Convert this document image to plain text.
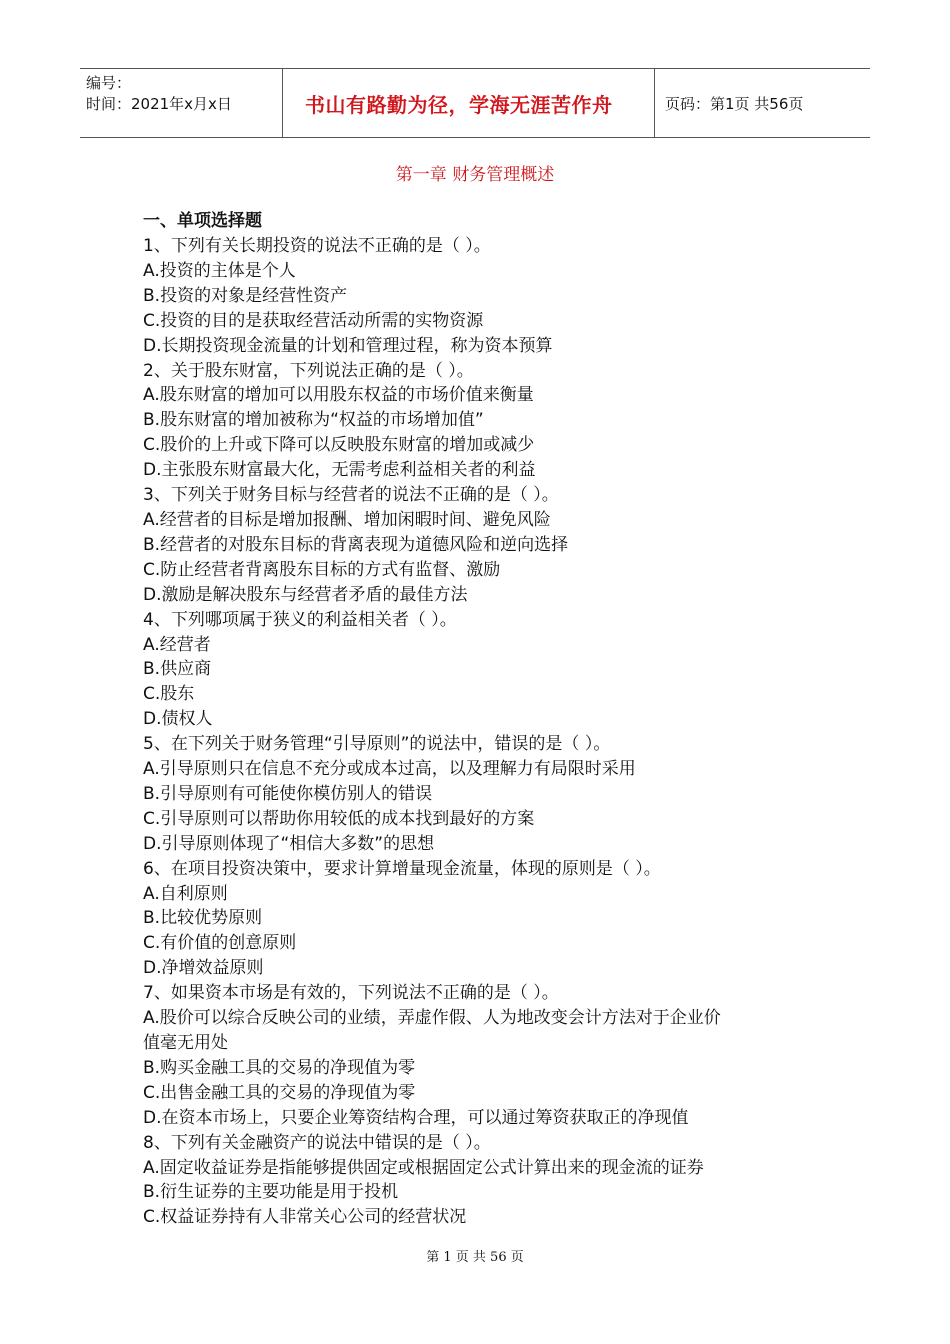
编号：
时间：2021年x月x日	书山有路勤为径，学海无涯苦作舟	页码：第1页 共56页
第一章 财务管理概述
一、单项选择题
1、下列有关长期投资的说法不正确的是（ ）。
A.投资的主体是个人
B.投资的对象是经营性资产
C.投资的目的是获取经营活动所需的实物资源
D.长期投资现金流量的计划和管理过程，称为资本预算
2、关于股东财富，下列说法正确的是（ ）。
A.股东财富的增加可以用股东权益的市场价值来衡量
B.股东财富的增加被称为“权益的市场增加值”
C.股价的上升或下降可以反映股东财富的增加或减少
D.主张股东财富最大化，无需考虑利益相关者的利益
3、下列关于财务目标与经营者的说法不正确的是（ ）。
A.经营者的目标是增加报酬、增加闲暇时间、避免风险
B.经营者的对股东目标的背离表现为道德风险和逆向选择
C.防止经营者背离股东目标的方式有监督、激励
D.激励是解决股东与经营者矛盾的最佳方法
4、下列哪项属于狭义的利益相关者（ ）。
A.经营者
B.供应商
C.股东
D.债权人
5、在下列关于财务管理“引导原则”的说法中，错误的是（ ）。
A.引导原则只在信息不充分或成本过高，以及理解力有局限时采用
B.引导原则有可能使你模仿别人的错误
C.引导原则可以帮助你用较低的成本找到最好的方案
D.引导原则体现了“相信大多数”的思想
6、在项目投资决策中，要求计算增量现金流量，体现的原则是（ ）。
A.自利原则
B.比较优势原则
C.有价值的创意原则
D.净增效益原则
7、如果资本市场是有效的，下列说法不正确的是（ ）。
A.股价可以综合反映公司的业绩，弄虚作假、人为地改变会计方法对于企业价
值毫无用处
B.购买金融工具的交易的净现值为零
C.出售金融工具的交易的净现值为零
D.在资本市场上，只要企业筹资结构合理，可以通过筹资获取正的净现值
8、下列有关金融资产的说法中错误的是（ ）。
A.固定收益证券是指能够提供固定或根据固定公式计算出来的现金流的证券
B.衍生证券的主要功能是用于投机
C.权益证券持有人非常关心公司的经营状况
第 1 页 共 56 页
